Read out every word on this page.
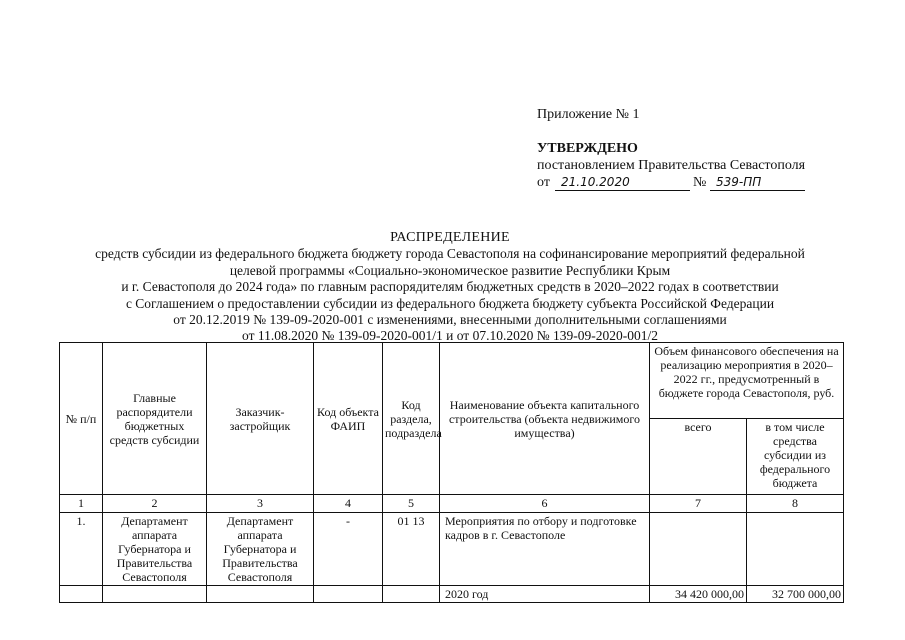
Приложение № 1
УТВЕРЖДЕНО
постановлением Правительства Севастополя
от 21.10.2020	№ 539-ПП
РАСПРЕДЕЛЕНИЕ
средств субсидии из федерального бюджета бюджету города Севастополя на софинансирование мероприятий федеральной
целевой программы «Социально-экономическое развитие Республики Крым
и г. Севастополя до 2024 года» по главным распорядителям бюджетных средств в 2020–2022 годах в соответствии
с Соглашением о предоставлении субсидии из федерального бюджета бюджету субъекта Российской Федерации
от 20.12.2019 № 139-09-2020-001 с изменениями, внесенными дополнительными соглашениями
от 11.08.2020 № 139-09-2020-001/1 и от 07.10.2020 № 139-09-2020-001/2
№ п/п	Главные распорядители бюджетных средств субсидии	Заказчик-застройщик	Код объекта ФАИП	Код раздела, подраздела	Наименование объекта капитального строительства (объекта недвижимого имущества)	Объем финансового обеспечения на реализацию мероприятия в 2020–2022 гг., предусмотренный в бюджете города Севастополя, руб.	
						всего	в том числе средства субсидии из федерального бюджета
1	2	3	4	5	6	7	8
1.	Департамент аппарата Губернатора и Правительства Севастополя	Департамент аппарата Губернатора и Правительства Севастополя	-	01 13	Мероприятия по отбору и подготовке кадров в г. Севастополе		
					2020 год	34 420 000,00	32 700 000,00
